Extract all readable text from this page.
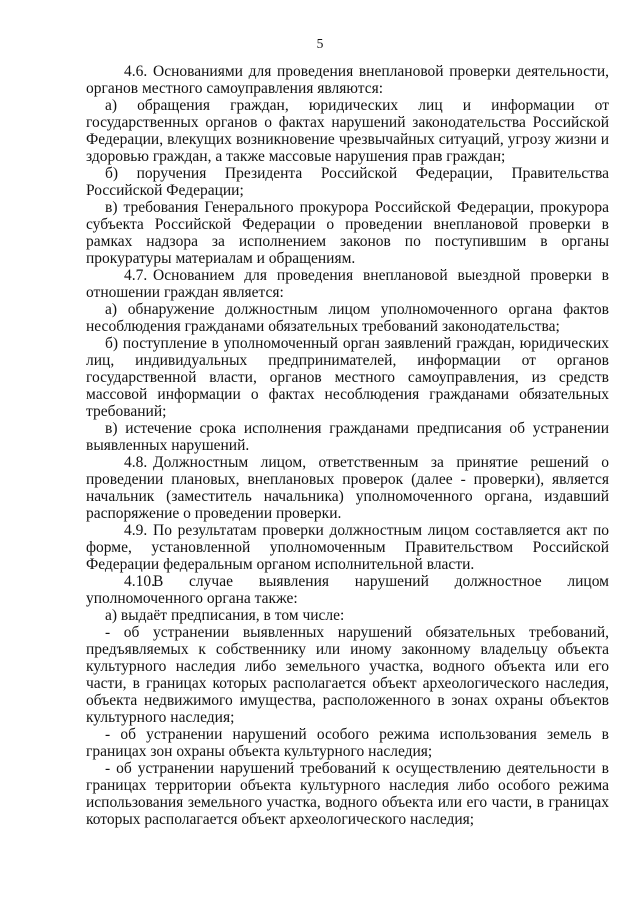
5

4.6. Основаниями для проведения внеплановой проверки деятельности, органов местного самоуправления являются:

а) обращения граждан, юридических лиц и информации от государственных органов о фактах нарушений законодательства Российской Федерации, влекущих возникновение чрезвычайных ситуаций, угрозу жизни и здоровью граждан, а также массовые нарушения прав граждан;

б) поручения Президента Российской Федерации, Правительства Российской Федерации;

в) требования Генерального прокурора Российской Федерации, прокурора субъекта Российской Федерации о проведении внеплановой проверки в рамках надзора за исполнением законов по поступившим в органы прокуратуры материалам и обращениям.

4.7. Основанием для проведения внеплановой выездной проверки в отношении граждан является:

а) обнаружение должностным лицом уполномоченного органа фактов несоблюдения гражданами обязательных требований законодательства;

б) поступление в уполномоченный орган заявлений граждан, юридических лиц, индивидуальных предпринимателей, информации от органов государственной власти, органов местного самоуправления, из средств массовой информации о фактах несоблюдения гражданами обязательных требований;

в) истечение срока исполнения гражданами предписания об устранении выявленных нарушений.

4.8. Должностным лицом, ответственным за принятие решений о проведении плановых, внеплановых проверок (далее - проверки), является начальник (заместитель начальника) уполномоченного органа, издавший распоряжение о проведении проверки.

4.9. По результатам проверки должностным лицом составляется акт по форме, установленной уполномоченным Правительством Российской Федерации федеральным органом исполнительной власти.

4.10.В случае выявления нарушений должностное лицом уполномоченного органа также:

а) выдаёт предписания, в том числе:

- об устранении выявленных нарушений обязательных требований, предъявляемых к собственнику или иному законному владельцу объекта культурного наследия либо земельного участка, водного объекта или его части, в границах которых располагается объект археологического наследия, объекта недвижимого имущества, расположенного в зонах охраны объектов культурного наследия;

- об устранении нарушений особого режима использования земель в границах зон охраны объекта культурного наследия;

- об устранении нарушений требований к осуществлению деятельности в границах территории объекта культурного наследия либо особого режима использования земельного участка, водного объекта или его части, в границах которых располагается объект археологического наследия;
